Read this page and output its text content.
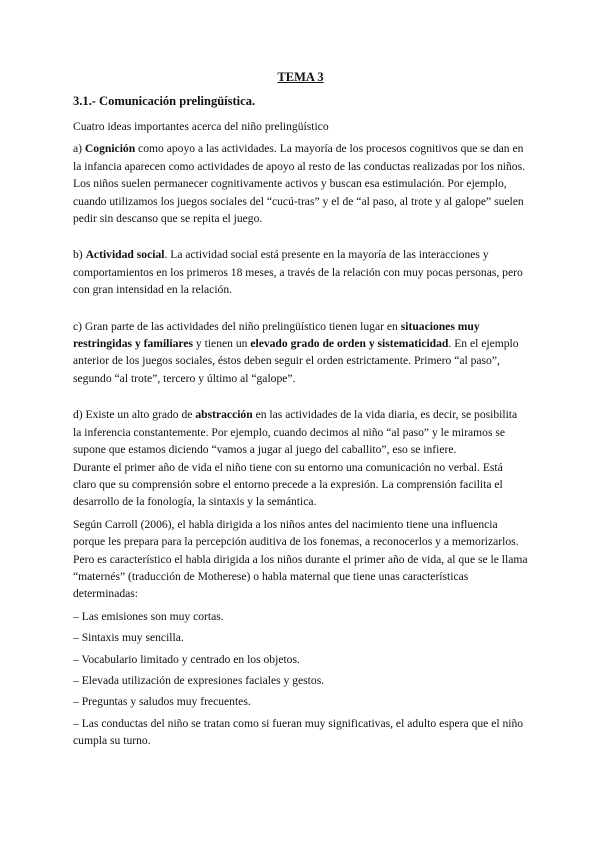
TEMA 3
3.1.- Comunicación prelingüística.

Cuatro ideas importantes acerca del niño prelingüístico

a) Cognición como apoyo a las actividades. La mayoría de los procesos cognitivos que se dan en la infancia aparecen como actividades de apoyo al resto de las conductas realizadas por los niños. Los niños suelen permanecer cognitivamente activos y buscan esa estimulación. Por ejemplo, cuando utilizamos los juegos sociales del “cucú-tras” y el de “al paso, al trote y al galope” suelen pedir sin descanso que se repita el juego.

b) Actividad social. La actividad social está presente en la mayoría de las interacciones y comportamientos en los primeros 18 meses, a través de la relación con muy pocas personas, pero con gran intensidad en la relación.

c) Gran parte de las actividades del niño prelingüístico tienen lugar en situaciones muy restringidas y familiares y tienen un elevado grado de orden y sistematicidad. En el ejemplo anterior de los juegos sociales, éstos deben seguir el orden estrictamente. Primero “al paso”, segundo “al trote”, tercero y último al “galope”.

d) Existe un alto grado de abstracción en las actividades de la vida diaria, es decir, se posibilita la inferencia constantemente. Por ejemplo, cuando decimos al niño “al paso” y le miramos se supone que estamos diciendo “vamos a jugar al juego del caballito”, eso se infiere.

Durante el primer año de vida el niño tiene con su entorno una comunicación no verbal. Está claro que su comprensión sobre el entorno precede a la expresión. La comprensión facilita el desarrollo de la fonología, la sintaxis y la semántica.

Según Carroll (2006), el habla dirigida a los niños antes del nacimiento tiene una influencia porque les prepara para la percepción auditiva de los fonemas, a reconocerlos y a memorizarlos. Pero es característico el habla dirigida a los niños durante el primer año de vida, al que se le llama “maternés” (traducción de Motherese) o habla maternal que tiene unas características determinadas:

– Las emisiones son muy cortas.

– Sintaxis muy sencilla.

– Vocabulario limitado y centrado en los objetos.

– Elevada utilización de expresiones faciales y gestos.

– Preguntas y saludos muy frecuentes.

– Las conductas del niño se tratan como si fueran muy significativas, el adulto espera que el niño cumpla su turno.
